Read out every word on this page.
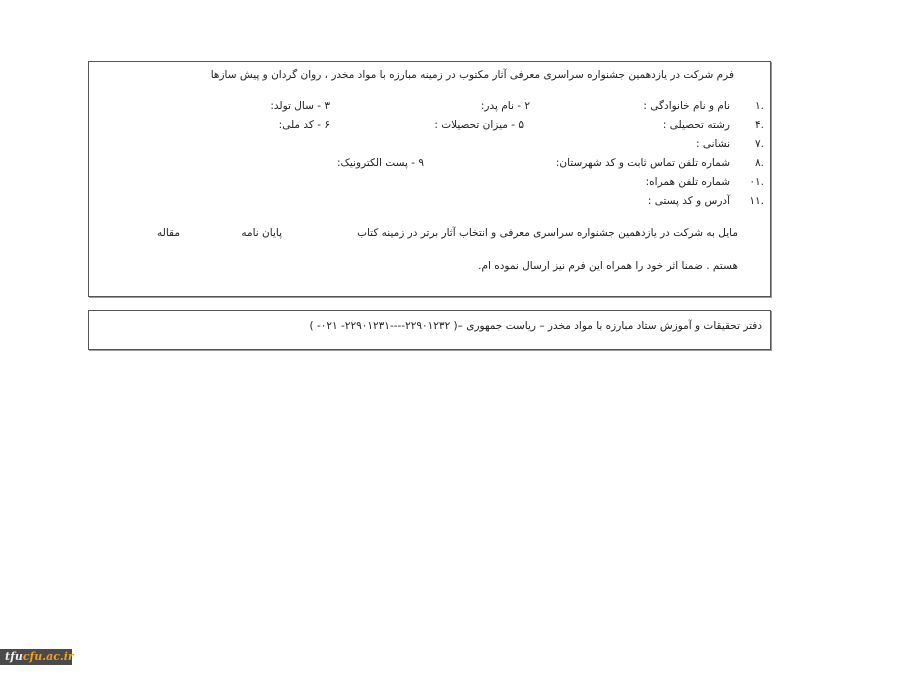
فرم شرکت در یازدهمین جشنواره سراسری معرفی آثار مکتوب در زمینه مبارزه با مواد مخدر ، روان گردان و پیش سازها
.۱
نام و نام خانوادگی :
۲ - نام پدر:
۳ - سال تولد:
.۴
رشته تحصیلی :
۵ - میزان تحصیلات :
۶ - کد ملی:
.۷
نشانی :
.۸
شماره تلفن تماس ثابت و کد شهرستان:
۹ - پست الکترونیک:
.۰۱
شماره تلفن همراه:
.۱۱
آدرس و کد پستی :
مایل به شرکت در یازدهمین جشنواره سراسری معرفی و انتخاب آثار برتر در زمینه کتاب
پایان نامه
مقاله
هستم . ضمنا اثر خود را همراه این فرم نیز ارسال نموده ام.
دفتر تحقیقات و آموزش ستاد مبارزه با مواد مخدر – ریاست جمهوری –( ۲۲۹۰۱۲۳۲----۲۲۹۰۱۲۳۱- ۰۲۱- )
tfucfu.ac.ir
